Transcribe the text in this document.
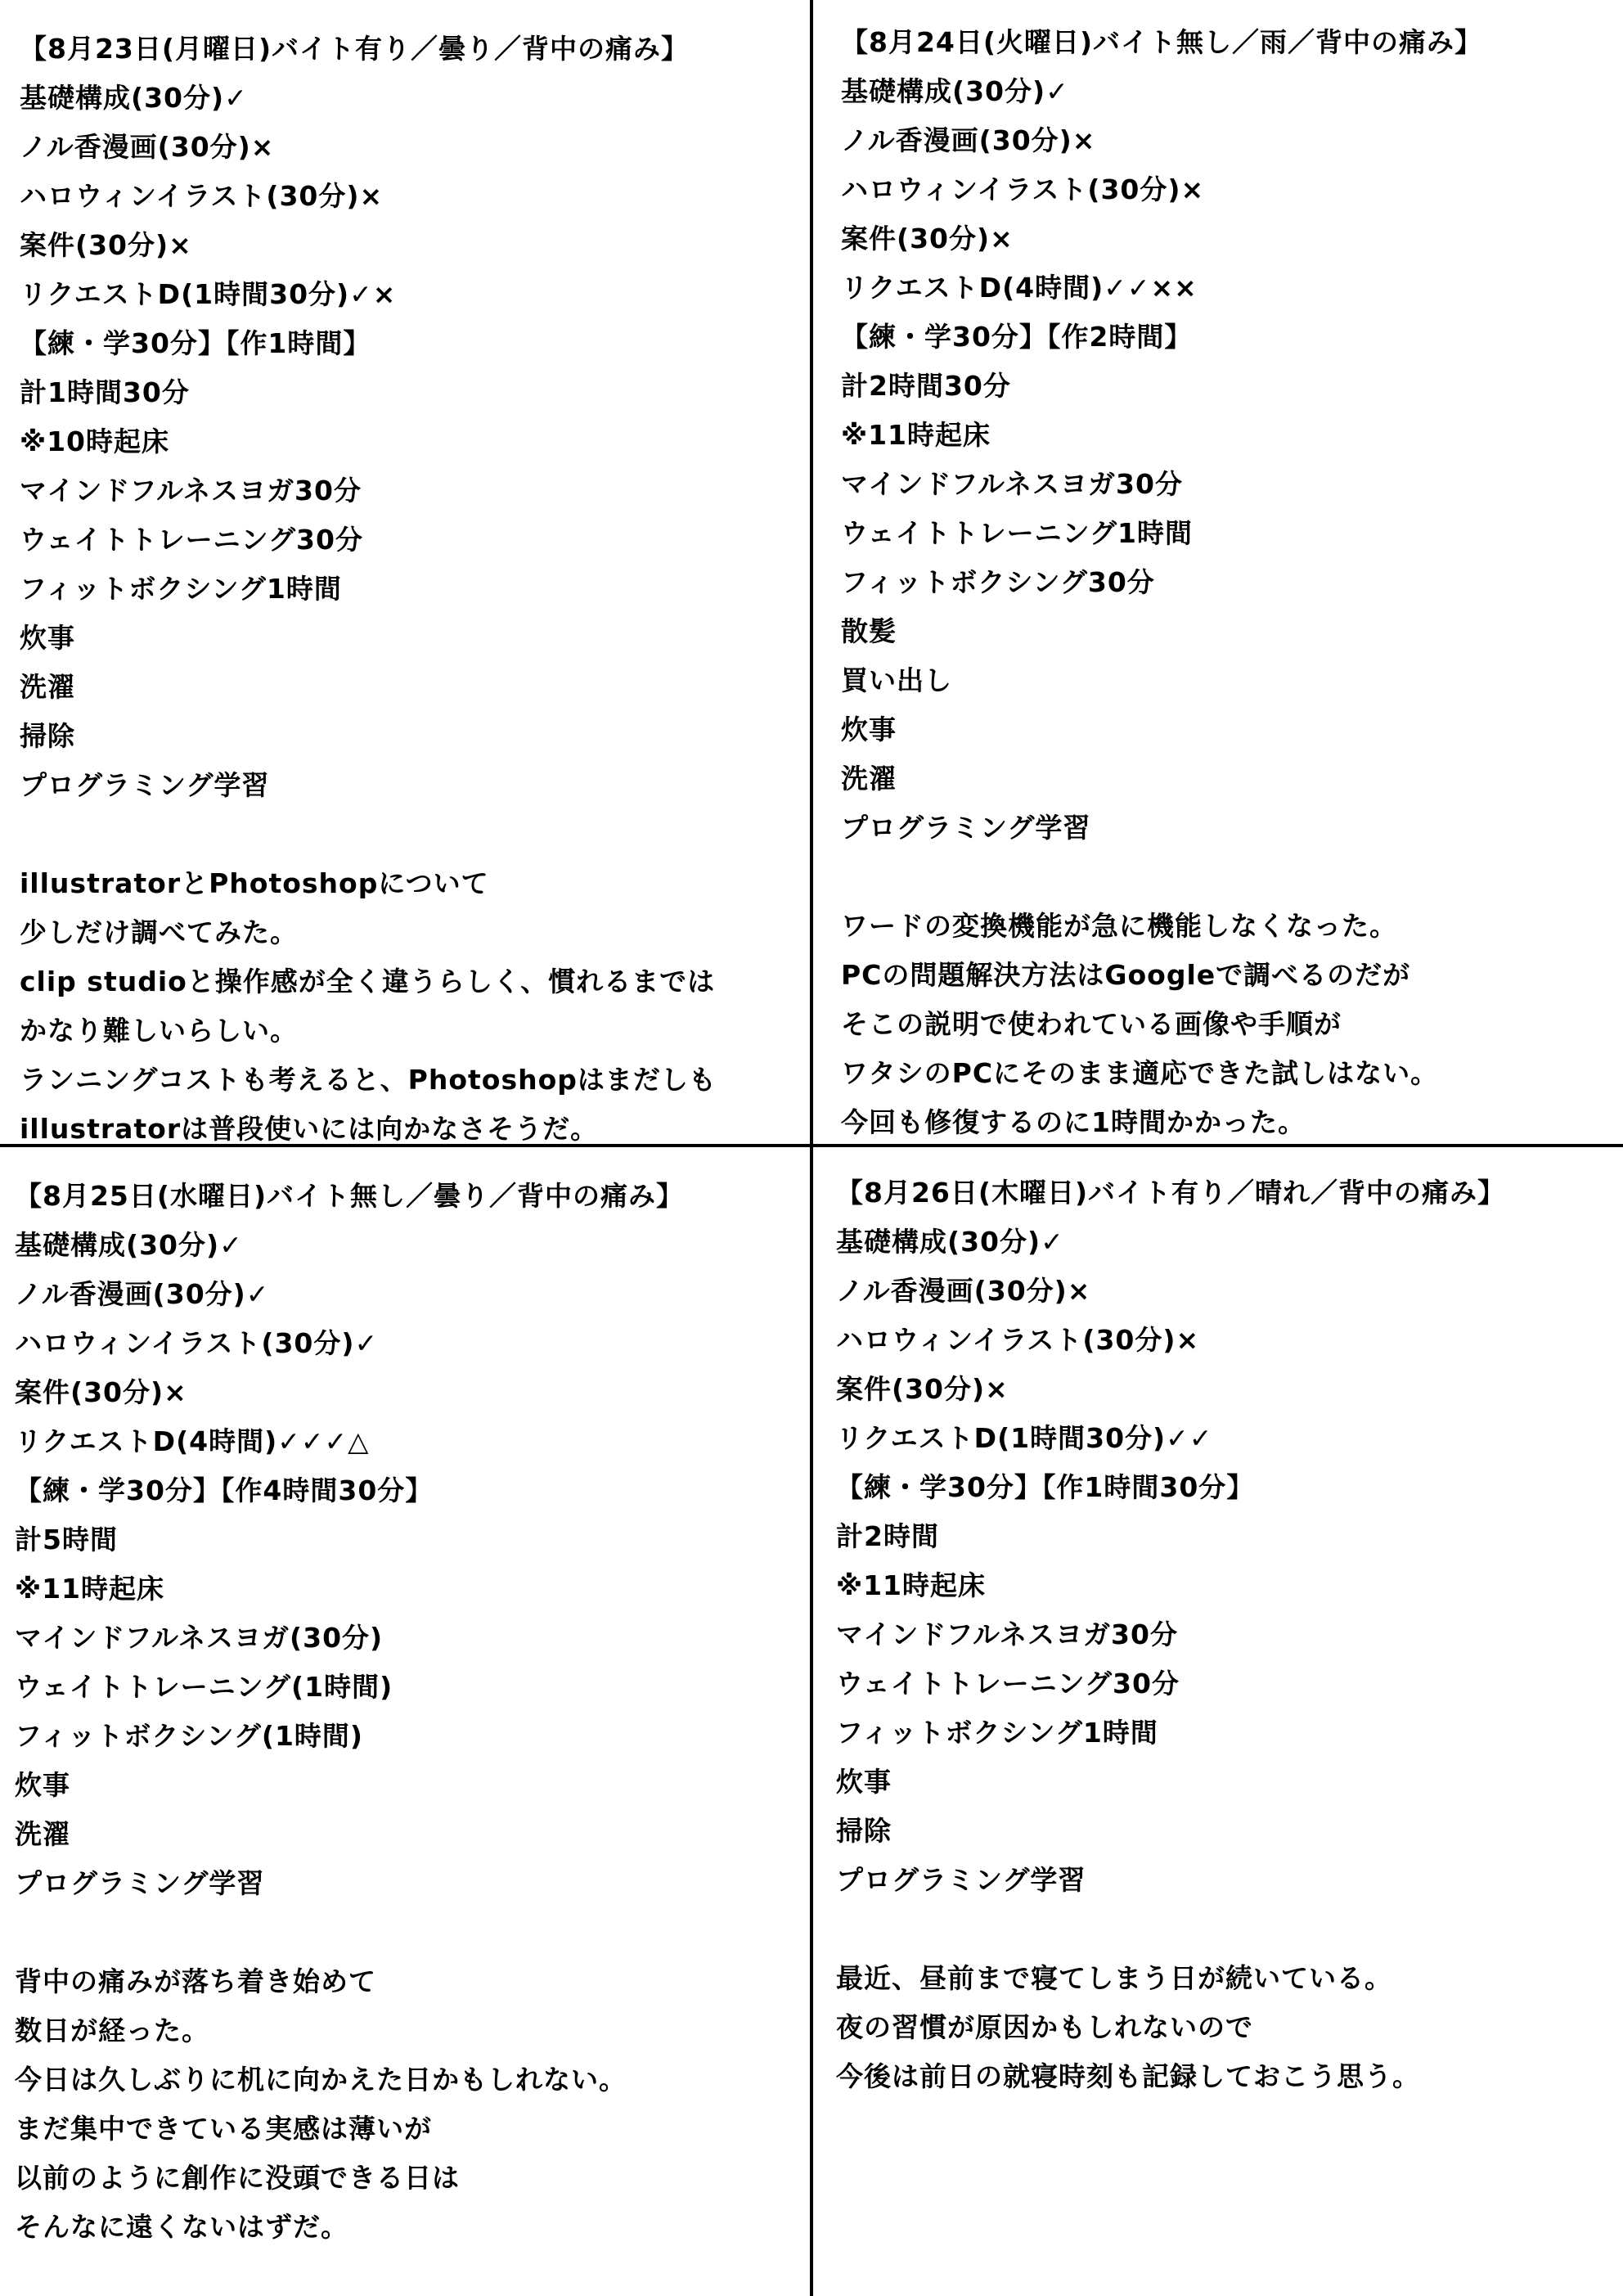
【8月23日(月曜日)バイト有り／曇り／背中の痛み】
基礎構成(30分)✓
ノル香漫画(30分)×
ハロウィンイラスト(30分)×
案件(30分)×
リクエストD(1時間30分)✓×
【練・学30分】【作1時間】
計1時間30分
※10時起床
マインドフルネスヨガ30分
ウェイトトレーニング30分
フィットボクシング1時間
炊事
洗濯
掃除
プログラミング学習
illustratorとPhotoshopについて
少しだけ調べてみた。
clip studioと操作感が全く違うらしく、慣れるまでは
かなり難しいらしい。
ランニングコストも考えると、Photoshopはまだしも
illustratorは普段使いには向かなさそうだ。
【8月24日(火曜日)バイト無し／雨／背中の痛み】
基礎構成(30分)✓
ノル香漫画(30分)×
ハロウィンイラスト(30分)×
案件(30分)×
リクエストD(4時間)✓✓××
【練・学30分】【作2時間】
計2時間30分
※11時起床
マインドフルネスヨガ30分
ウェイトトレーニング1時間
フィットボクシング30分
散髪
買い出し
炊事
洗濯
プログラミング学習
ワードの変換機能が急に機能しなくなった。
PCの問題解決方法はGoogleで調べるのだが
そこの説明で使われている画像や手順が
ワタシのPCにそのまま適応できた試しはない。
今回も修復するのに1時間かかった。
【8月25日(水曜日)バイト無し／曇り／背中の痛み】
基礎構成(30分)✓
ノル香漫画(30分)✓
ハロウィンイラスト(30分)✓
案件(30分)×
リクエストD(4時間)✓✓✓△
【練・学30分】【作4時間30分】
計5時間
※11時起床
マインドフルネスヨガ(30分)
ウェイトトレーニング(1時間)
フィットボクシング(1時間)
炊事
洗濯
プログラミング学習
背中の痛みが落ち着き始めて
数日が経った。
今日は久しぶりに机に向かえた日かもしれない。
まだ集中できている実感は薄いが
以前のように創作に没頭できる日は
そんなに遠くないはずだ。
【8月26日(木曜日)バイト有り／晴れ／背中の痛み】
基礎構成(30分)✓
ノル香漫画(30分)×
ハロウィンイラスト(30分)×
案件(30分)×
リクエストD(1時間30分)✓✓
【練・学30分】【作1時間30分】
計2時間
※11時起床
マインドフルネスヨガ30分
ウェイトトレーニング30分
フィットボクシング1時間
炊事
掃除
プログラミング学習
最近、昼前まで寝てしまう日が続いている。
夜の習慣が原因かもしれないので
今後は前日の就寝時刻も記録しておこう思う。
